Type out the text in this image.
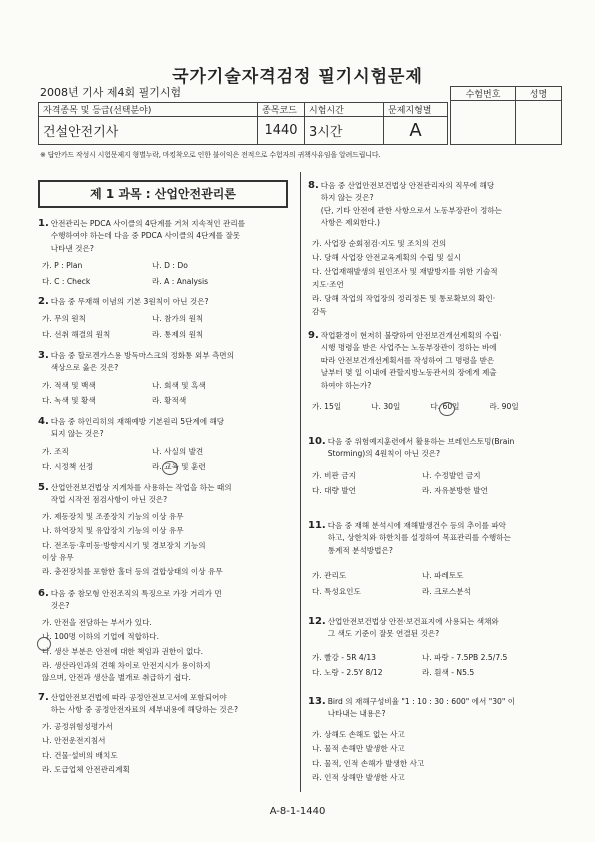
국가기술자격검정 필기시험문제
2008년 기사 제4회 필기시험
자격종목 및 등급(선택분야)	종목코드	시험시간	문제지형별
건설안전기사	1440	3시간	A
수험번호	성명

※ 답안카드 작성시 시험문제지 형별누락, 마킹착오로 인한 불이익은 전적으로 수험자의 귀책사유임을 알려드립니다.
제 1 과목 : 산업안전관리론
1. 안전관리는 PDCA 사이클의 4단계를 거쳐 지속적인 관리를
수행하여야 하는데 다음 중 PDCA 사이클의 4단계를 잘못
나타낸 것은?
가. P : Plan	나. D : Do
다. C : Check	라. A : Analysis
2. 다음 중 무재해 이념의 기본 3원칙이 아닌 것은?
가. 무의 원칙	나. 참가의 원칙
다. 선취 해결의 원칙	라. 통제의 원칙
3. 다음 중 할로겐가스용 방독마스크의 정화통 외부 측면의
색상으로 옳은 것은?
가. 적색 및 백색	나. 회색 및 흑색
다. 녹색 및 황색	라. 황적색
4. 다음 중 하인리히의 재해예방 기본원리 5단계에 해당
되지 않는 것은?
가. 조직	나. 사실의 발견
다. 시정책 선정	라. 교육 및 훈련
5. 산업안전보건법상 지게차를 사용하는 작업을 하는 때의
작업 시작전 점검사항이 아닌 것은?
가. 제동장치 및 조종장치 기능의 이상 유무
나. 하역장치 및 유압장치 기능의 이상 유무
다. 전조등·후미등·방향지시기 및 경보장치 기능의
이상 유무
라. 충전장치를 포함한 홀더 등의 결합상태의 이상 유무
6. 다음 중 참모형 안전조직의 특징으로 가장 거리가 먼
것은?
가. 안전을 전담하는 부서가 있다.
나. 100명 이하의 기업에 적합하다.
다. 생산 부분은 안전에 대한 책임과 권한이 없다.
라. 생산라인과의 견해 차이로 안전지시가 용이하지
않으며, 안전과 생산을 별개로 취급하기 쉽다.
7. 산업안전보건법에 따라 공정안전보고서에 포함되어야
하는 사항 중 공정안전자료의 세부내용에 해당하는 것은?
가. 공정위험성평가서
나. 안전운전지침서
다. 건물·설비의 배치도
라. 도급업체 안전관리계획
8. 다음 중 산업안전보건법상 안전관리자의 직무에 해당
하지 않는 것은?
(단, 기타 안전에 관한 사항으로서 노동부장관이 정하는
사항은 제외한다.)
가. 사업장 순회점검·지도 및 조치의 건의
나. 당해 사업장 안전교육계획의 수립 및 실시
다. 산업재해발생의 원인조사 및 재발방지를 위한 기술적
지도·조언
라. 당해 작업의 작업장의 정리정돈 및 통로확보의 확인·
감독
9. 작업환경이 현저히 불량하여 안전보건개선계획의 수립·
시행 명령을 받은 사업주는 노동부장관이 정하는 바에
따라 안전보건개선계획서를 작성하여 그 명령을 받은
날부터 몇 일 이내에 관할지방노동관서의 장에게 제출
하여야 하는가?
가. 15일	나. 30일	다. 60일	라. 90일
10. 다음 중 위험예지훈련에서 활용하는 브레인스토밍(Brain
Storming)의 4원칙이 아닌 것은?
가. 비판 금지	나. 수정발언 금지
다. 대량 발언	라. 자유분방한 발언
11. 다음 중 재해 분석시에 재해발생건수 등의 추이를 파악
하고, 상한치와 하한치를 설정하여 목표관리를 수행하는
통계적 분석방법은?
가. 관리도	나. 파레토도
다. 특성요인도	라. 크로스분석
12. 산업안전보건법상 안전·보건표지에 사용되는 색채와
그 색도 기준이 잘못 연결된 것은?
가. 빨강 - 5R 4/13	나. 파랑 - 7.5PB 2.5/7.5
다. 노랑 - 2.5Y 8/12	라. 흰색 - N5.5
13. Bird 의 재해구성비율 "1 : 10 : 30 : 600" 에서 "30" 이
나타내는 내용은?
가. 상해도 손해도 없는 사고
나. 물적 손해만 발생한 사고
다. 물적, 인적 손해가 발생한 사고
라. 인적 상해만 발생한 사고
A-8-1-1440
